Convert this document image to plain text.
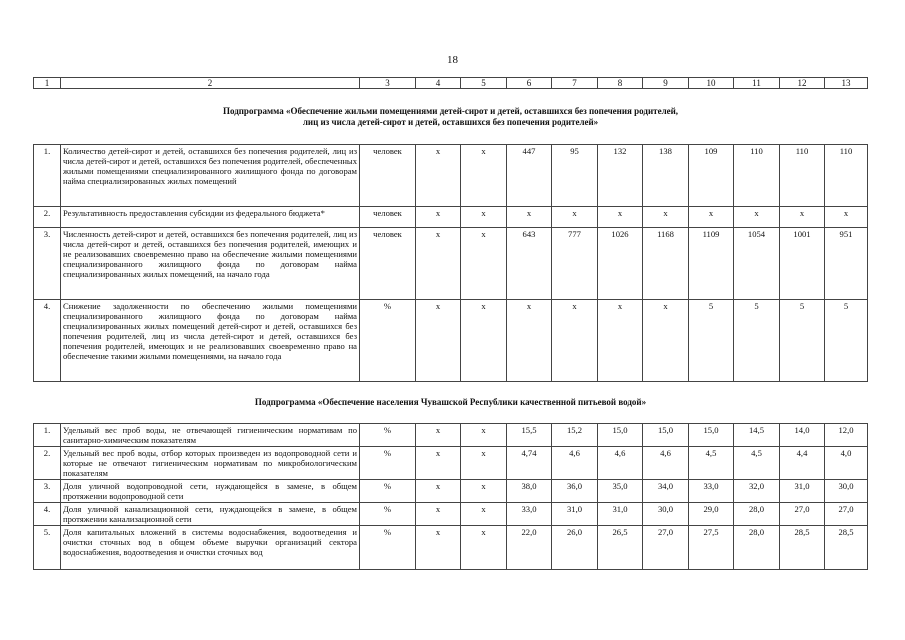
18
1	2	3	4	5	6	7	8	9	10	11	12	13

Подпрограмма «Обеспечение жильми помещениями детей-сирот и детей, оставшихся без попечения родителей,
лиц из числа детей-сирот и детей, оставшихся без попечения родителей»												

1.	Количество детей-сирот и детей, оставшихся без попечения родителей, лиц из числа детей-сирот и детей, оставшихся без попечения родителей, обеспеченных жилыми помещениями специализированного жилищного фонда по договорам найма специализированных жилых помещений	человек	x	x	447	95	132	138	109	110	110	110
2.	Результативность предоставления субсидии из федерального бюджета*	человек	x	x	x	x	x	x	x	x	x	x
3.	Численность детей-сирот и детей, оставшихся без попечения родителей, лиц из числа детей-сирот и детей, оставшихся без попечения родителей, имеющих и не реализовавших своевременно право на обеспечение жилыми помещениями специализированного жилищного фонда по договорам найма специализированных жилых помещений, на начало года	человек	x	x	643	777	1026	1168	1109	1054	1001	951
4.	Снижение задолженности по обеспечению жилыми помещениями специализированного жилищного фонда по договорам найма специализированных жилых помещений детей-сирот и детей, оставшихся без попечения родителей, лиц из числа детей-сирот и детей, оставшихся без попечения родителей, имеющих и не реализовавших своевременно право на обеспечение такими жилыми помещениями, на начало года	%	x	x	x	x	x	x	5	5	5	5

Подпрограмма «Обеспечение населения Чувашской Республики качественной питьевой водой»												

1.	Удельный вес проб воды, не отвечающей гигиеническим нормативам по санитарно-химическим показателям	%	x	x	15,5	15,2	15,0	15,0	15,0	14,5	14,0	12,0
2.	Удельный вес проб воды, отбор которых произведен из водопроводной сети и которые не отвечают гигиеническим нормативам по микробиологическим показателям	%	x	x	4,74	4,6	4,6	4,6	4,5	4,5	4,4	4,0
3.	Доля уличной водопроводной сети, нуждающейся в замене, в общем протяжении водопроводной сети	%	x	x	38,0	36,0	35,0	34,0	33,0	32,0	31,0	30,0
4.	Доля уличной канализационной сети, нуждающейся в замене, в общем протяжении канализационной сети	%	x	x	33,0	31,0	31,0	30,0	29,0	28,0	27,0	27,0
5.	Доля капитальных вложений в системы водоснабжения, водоотведения и очистки сточных вод в общем объеме выручки организаций сектора водоснабжения, водоотведения и очистки сточных вод	%	x	x	22,0	26,0	26,5	27,0	27,5	28,0	28,5	28,5
